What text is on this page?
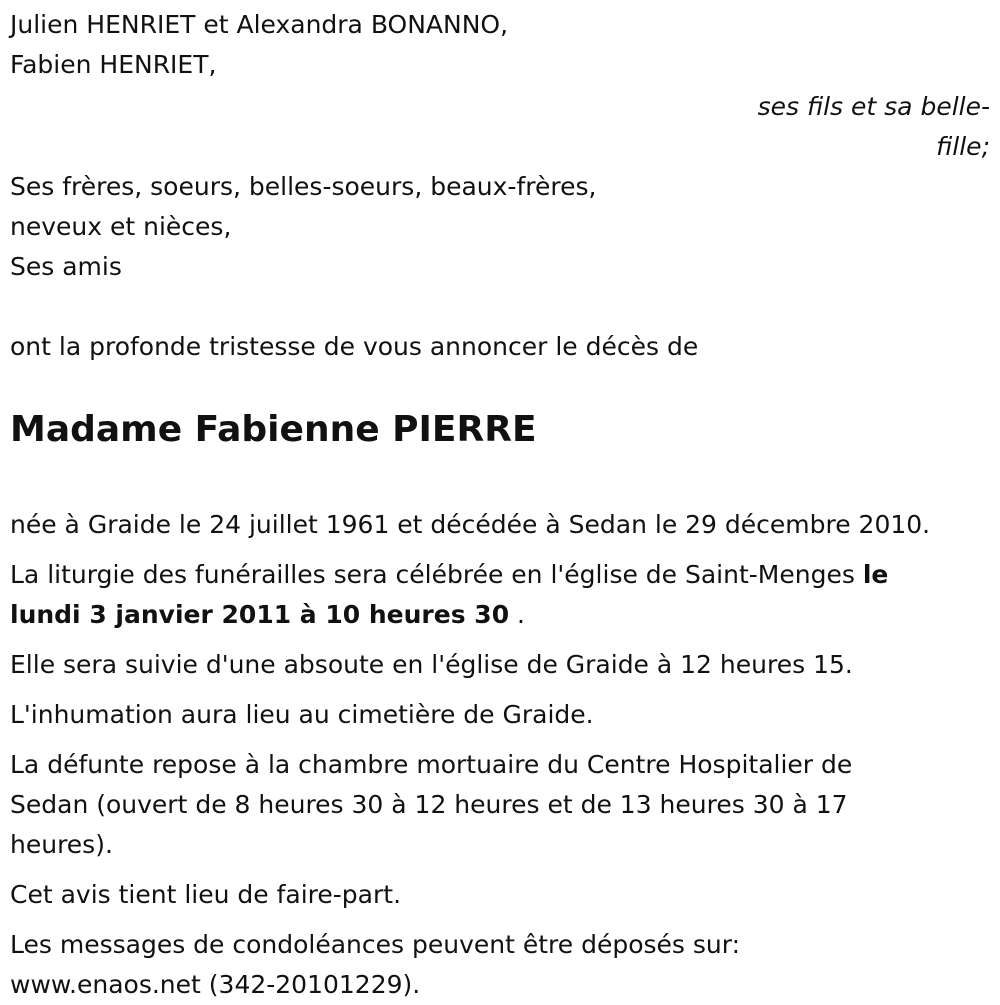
Julien HENRIET et Alexandra BONANNO,
Fabien HENRIET,
ses fils et sa belle-
fille;
Ses frères, soeurs, belles-soeurs, beaux-frères,
neveux et nièces,
Ses amis
ont la profonde tristesse de vous annoncer le décès de
Madame Fabienne PIERRE
née à Graide le 24 juillet 1961 et décédée à Sedan le 29 décembre 2010.
La liturgie des funérailles sera célébrée en l'église de Saint-Menges le
lundi 3 janvier 2011 à 10 heures 30 .
Elle sera suivie d'une absoute en l'église de Graide à 12 heures 15.
L'inhumation aura lieu au cimetière de Graide.
La défunte repose à la chambre mortuaire du Centre Hospitalier de
Sedan (ouvert de 8 heures 30 à 12 heures et de 13 heures 30 à 17
heures).
Cet avis tient lieu de faire-part.
Les messages de condoléances peuvent être déposés sur:
www.enaos.net (342-20101229).
